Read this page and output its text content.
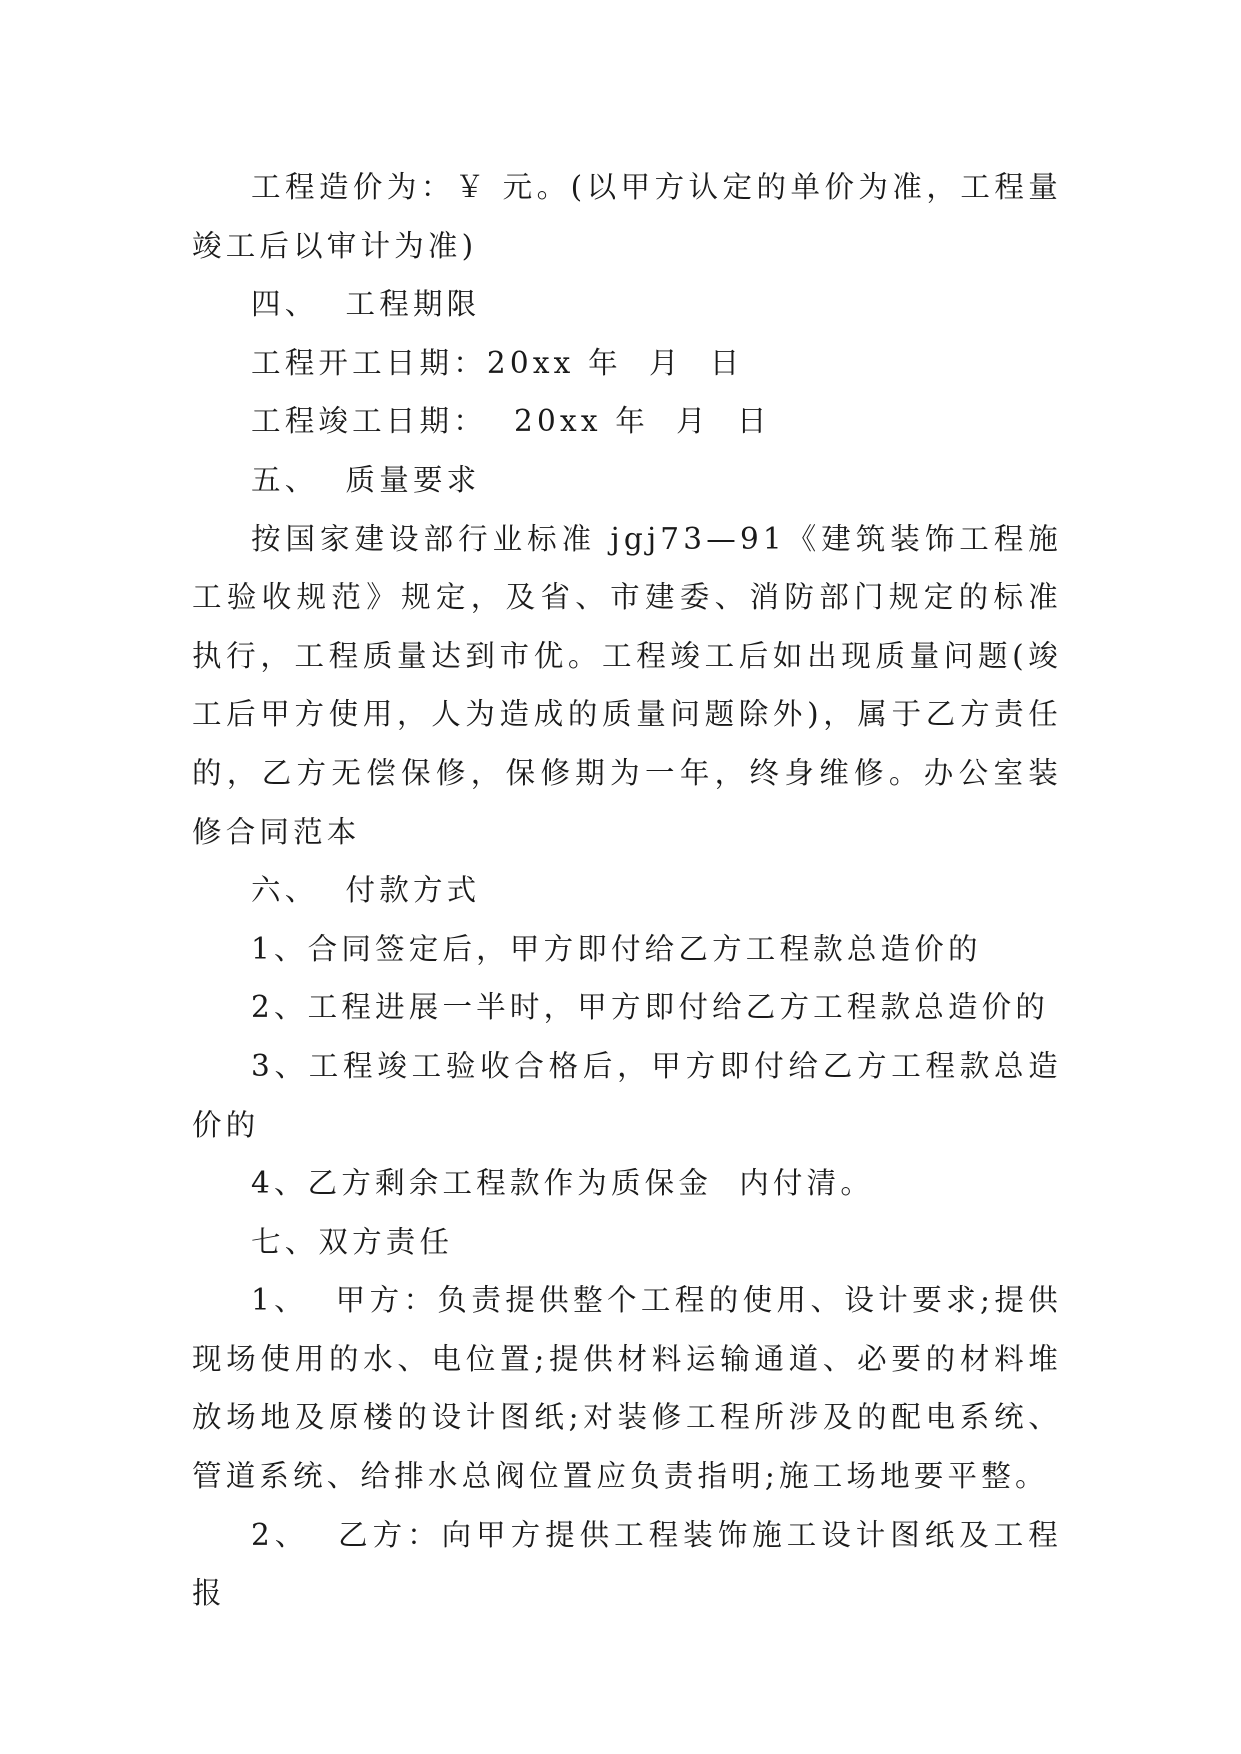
工程造价为：￥ 元。(以甲方认定的单价为准，工程量竣工后以审计为准)

四、  工程期限

工程开工日期：20xx 年  月  日

工程竣工日期：  20xx 年  月  日

五、  质量要求

按国家建设部行业标准 jgj73—91《建筑装饰工程施工验收规范》规定，及省、市建委、消防部门规定的标准执行，工程质量达到市优。工程竣工后如出现质量问题(竣工后甲方使用，人为造成的质量问题除外)，属于乙方责任的，乙方无偿保修，保修期为一年，终身维修。办公室装修合同范本

六、  付款方式

1、合同签定后，甲方即付给乙方工程款总造价的

2、工程进展一半时，甲方即付给乙方工程款总造价的

3、工程竣工验收合格后，甲方即付给乙方工程款总造价的

4、乙方剩余工程款作为质保金  内付清。

七、双方责任

1、  甲方：负责提供整个工程的使用、设计要求;提供现场使用的水、电位置;提供材料运输通道、必要的材料堆放场地及原楼的设计图纸;对装修工程所涉及的配电系统、管道系统、给排水总阀位置应负责指明;施工场地要平整。

2、  乙方：向甲方提供工程装饰施工设计图纸及工程报
